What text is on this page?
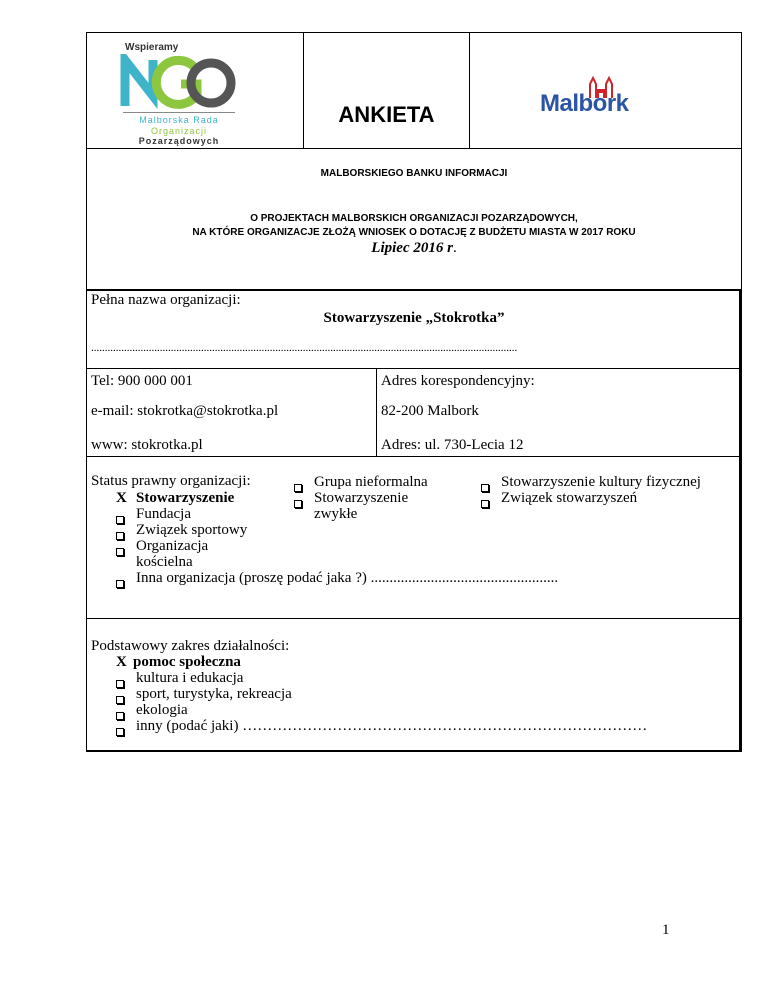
Wspieramy
Malborska Rada
Organizacji
Pozarządowych
ANKIETA	Malbork
MALBORSKIEGO BANKU INFORMACJI
O PROJEKTACH MALBORSKICH ORGANIZACJI POZARZĄDOWYCH,
NA KTÓRE ORGANIZACJE ZŁOŻĄ WNIOSEK O DOTACJĘ Z BUDŻETU MIASTA W 2017 ROKU
Lipiec 2016 r.
Pełna nazwa organizacji:
Stowarzyszenie „Stokrotka”
...........................................................................................................................................................
Tel: 900 000 001
e-mail: stokrotka@stokrotka.pl
www: stokrotka.pl
Adres korespondencyjny:
82-200 Malbork
Adres: ul. 730-Lecia 12
Status prawny organizacji:
X Stowarzyszenie
Fundacja
Związek sportowy
Organizacja
kościelna
Inna organizacja (proszę podać jaka ?) ..................................................
Grupa nieformalna
Stowarzyszenie
zwykłe
Stowarzyszenie kultury fizycznej
Związek stowarzyszeń
Podstawowy zakres działalności:
X pomoc społeczna
kultura i edukacja
sport, turystyka, rekreacja
ekologia
inny (podać jaki) ………………………………………………………………………
1
